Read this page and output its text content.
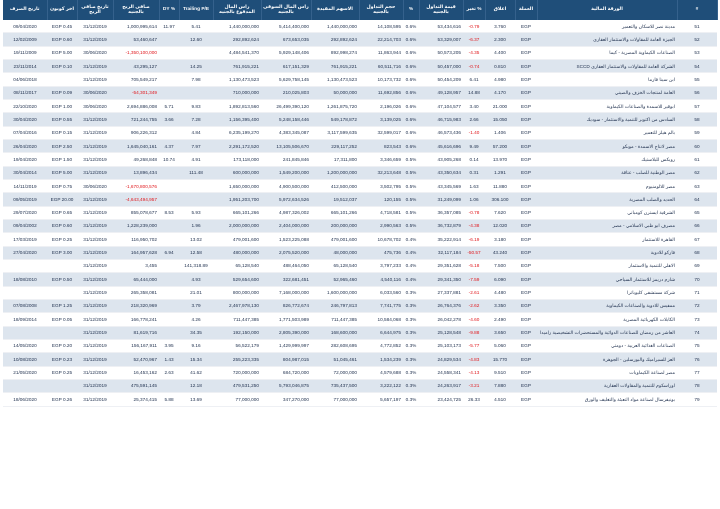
تاريخ الصرف	اخر كوبون	تاريخ صافى الربح	صافى الربح بالجنيه	DY %	Trailing P/E	راس المال المدفوع بالجنيه	راس المال السوقى بالجنيه	الاسهم المقيدة	حجم التداول بالجنيه	%	قيمة التداول بالجنيه	تغير %	اغلاق	العملة	الورقة المالية	#
09/04/2020	EGP 0.45	31/12/2019	1,000,995,614	11.97	5.41	1,440,000,000	5,414,400,000	1,440,000,000	14,108,595	0.6%	53,434,616	-0.79	3.760	EGP	مدينة نصر للاسكان والتعمير	51
12/02/2009	EGP 0.60	31/12/2019	53,460,647		12.60	292,892,624	673,653,035	292,892,624	22,214,703	0.6%	53,329,007	-6.37	2.300	EGP	الجيزة العامة للمقاولات والاستثمار العقاري	52
19/11/2009	EGP 5.00	30/06/2020	-1,350,100,000			4,484,541,370	5,929,148,406	892,998,274	11,863,944	0.6%	50,573,205	-4.35	4.400	EGP	الصناعات الكيماوية المصرية - كيما	53
23/11/2014	EGP 0.10	31/12/2019	43,295,127		14.25	761,915,221	617,151,329	761,915,221	60,511,716	0.6%	50,457,000	-0.74	0.810	EGP	الشركة العامة للمقاولات والاستثمار العقاري SCCD	54
04/06/2018		31/12/2019	705,549,217		7.98	1,130,473,523	5,629,758,145	1,130,473,523	10,173,732	0.6%	50,454,209	6.41	4.980	EGP	ابن سينا فارما	55
08/11/2017	EGP 0.09	30/06/2020	-54,301,349			710,000,000	210,025,803	50,000,000	11,692,856	0.6%	49,128,957	14.88	4.170	EGP	العامة لمنتجات الخزف والصيني	56
22/10/2020	EGP 1.00	30/06/2020	2,694,886,008	5.71	9.83	1,892,813,560	26,499,390,120	1,261,875,720	2,196,026	0.6%	47,104,577	3.40	21.000	EGP	ابوقير للاسمدة والصناعات الكيماوية	57
30/04/2020	EGP 0.55	31/12/2019	721,244,755	3.66	7.28	1,156,395,400	5,248,158,446	549,178,872	3,139,025	0.6%	46,715,983	2.66	15.050	EGP	السادس من اكتوبر للتنمية والاستثمار - سوديك	58
07/04/2016	EGP 0.15	31/12/2019	906,226,312		4.84	6,235,199,270	4,383,345,087	3,117,599,635	32,599,017	0.6%	46,573,436	-1.40	1.406	EGP	بالم هيلز للتعمير	59
26/04/2020	EGP 2.50	31/12/2019	1,645,040,161	4.37	7.97	2,291,172,520	13,105,506,670	229,117,252	823,543	0.6%	45,616,696	9.49	57.200	EGP	مصر لانتاج الاسمدة - موبكو	60
19/04/2020	EGP 1.50	31/12/2019	49,268,848	10.74	4.91	173,118,000	241,845,846	17,311,800	3,346,659	0.5%	43,905,268	0.14	13.970	EGP	روبكس للبلاستيك	61
30/04/2014	EGP 5.00	31/12/2019	13,896,434		111.48	600,000,000	1,549,200,000	1,200,000,000	32,213,648	0.5%	43,350,634	0.31	1.291	EGP	مصر الوطنية للصلب - عتاقة	62
14/11/2019	EGP 0.75	30/06/2020	-1,670,800,576			1,650,000,000	4,900,500,000	412,500,000	3,502,795	0.5%	43,345,569	1.63	11.880	EGP	مصر للالومنيوم	63
09/05/2019	EGP 20.00	31/12/2019	-4,643,494,957			1,951,203,700	5,972,634,526	19,512,037	120,155	0.5%	31,249,099	1.06	306.100	EGP	الحديد والصلب المصرية	64
29/07/2020	EGP 0.65	31/12/2019	855,078,677	8.53	5.93	665,101,266	4,987,326,002	665,101,266	4,718,581	0.5%	36,357,085	-0.78	7.620	EGP	الشرقية ايسترن كومباني	65
09/04/2002	EGP 0.60	31/12/2019	1,228,239,000		1.96	2,000,000,000	2,404,000,000	200,000,000	2,990,563	0.5%	36,732,879	-4.38	12.020	EGP	مصرف ابو ظبي الاسلامي - مصر	66
17/03/2019	EGP 0.25	31/12/2019	116,950,702		13.02	479,001,600	1,523,225,088	479,001,600	10,678,702	0.4%	35,222,914	-6.19	3.180	EGP	القاهرة للاستثمار	67
27/04/2020	EGP 3.00	31/12/2019	164,957,628	6.94	12.58	480,000,000	2,075,520,000	48,000,000	475,736	0.4%	32,117,184	-50.57	43.240	EGP	فاركو للادوية	68
		31/12/2019	3,455		141,318.89	65,128,540	488,464,050	65,128,540	3,797,233	0.4%	29,351,628	-5.18	7.500	EGP	الاهلي للتنمية والاستثمار	69
18/08/2010	EGP 0.50	31/12/2019	65,444,000		4.93	529,654,600	322,681,451	52,965,460	4,540,116	0.4%	29,341,350	-7.59	6.090	EGP	شارم دريمز للاستثمار السياحي	70
		31/12/2019	265,358,081		21.01	800,000,000	7,168,000,000	1,600,000,000	6,033,560	0.3%	27,337,881	-2.61	4.480	EGP	شركة مستشفى كليوباترا	71
07/08/2008	EGP 1.25	31/12/2019	218,320,969		3.79	2,467,978,130	826,772,674	246,797,813	7,741,775	0.3%	26,764,376	-2.62	3.350	EGP	ممفيس للادوية والصناعات الكيماوية	72
18/09/2014	EGP 0.05	31/12/2019	166,778,241		4.26	711,447,385	1,771,503,989	711,447,385	10,584,068	0.3%	26,042,278	-4.60	2.490	EGP	الكابلات الكهربائية المصرية	73
		31/12/2019	81,619,716		34.35	192,150,000	2,805,390,000	168,600,000	6,644,975	0.3%	25,128,548	-9.88	3.650	EGP	العاشر من رمضان للصناعات الدوائية والمستحضرات التشخيصية راميدا	74
14/05/2020	EGP 0.20	31/12/2019	156,167,911	3.95	9.16	56,522,179	1,429,999,997	282,608,695	4,772,852	0.3%	25,103,173	-5.77	5.060	EGP	الصناعات الغذائية العربية - دومتي	75
10/08/2020	EGP 0.23	31/12/2019	52,470,967	1.43	15.34	255,223,335	804,987,015	51,045,461	1,534,239	0.3%	24,829,534	-4.83	15.770	EGP	العز للسيراميك والبورسلين - الجوهرة	76
21/05/2020	EGP 0.25	31/12/2019	16,453,162	2.63	41.62	720,000,000	684,720,000	72,000,000	4,579,688	0.3%	24,558,341	-4.13	9.510	EGP	مصر لصناعة الكيماويات	77
		31/12/2019	475,591,145		12.18	479,531,250	5,793,046,875	735,437,500	3,222,122	0.3%	24,263,917	-3.21	7.880	EGP	اوراسكوم للتنمية والمقاولات العقارية	78
18/06/2020	EGP 0.26	31/12/2019	25,374,415	5.88	13.69	77,000,000	347,270,000	77,000,000	5,657,197	0.3%	23,424,725	26.33	4.510	EGP	بونيفرسال لصناعة مواد التعبئة والتغليف والورق	79
